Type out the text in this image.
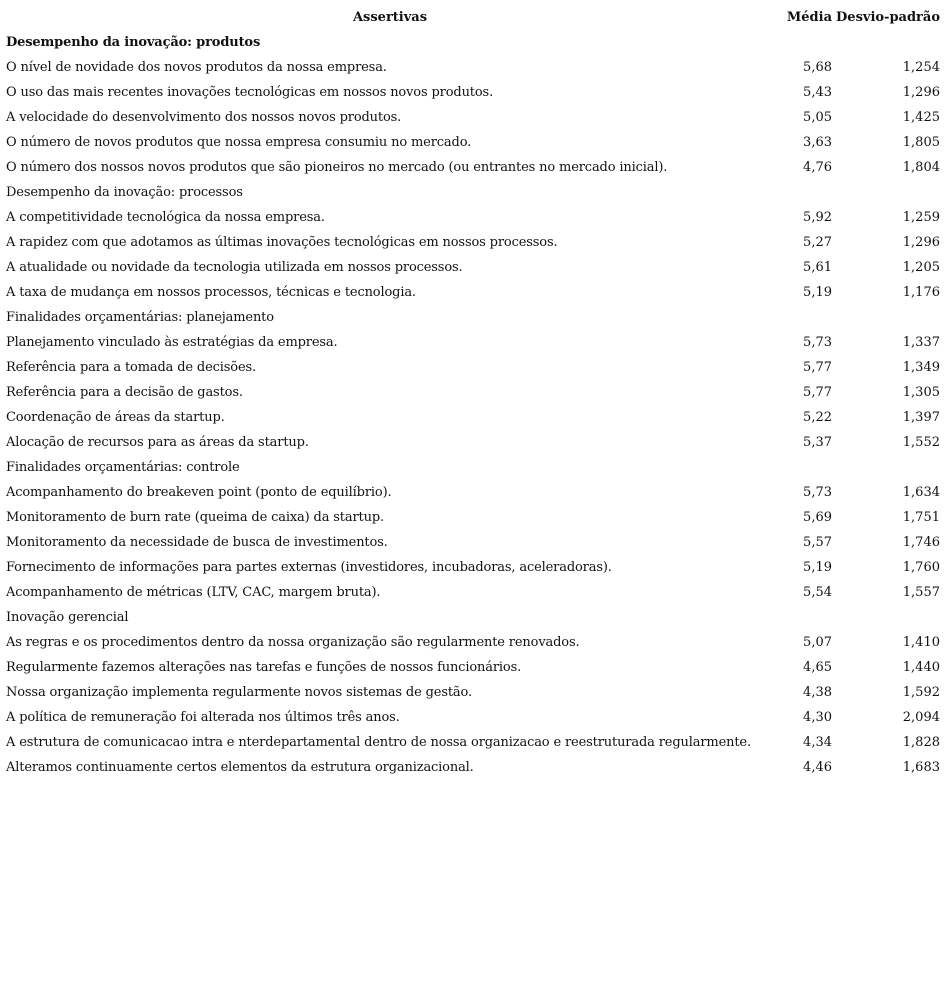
Assertivas	Média	Desvio-padrão
Desempenho da inovação: produtos		
O nível de novidade dos novos produtos da nossa empresa.	5,68	1,254
O uso das mais recentes inovações tecnológicas em nossos novos produtos.	5,43	1,296
A velocidade do desenvolvimento dos nossos novos produtos.	5,05	1,425
O número de novos produtos que nossa empresa consumiu no mercado.	3,63	1,805
O número dos nossos novos produtos que são pioneiros no mercado (ou entrantes no mercado inicial).	4,76	1,804
Desempenho da inovação: processos		
A competitividade tecnológica da nossa empresa.	5,92	1,259
A rapidez com que adotamos as últimas inovações tecnológicas em nossos processos.	5,27	1,296
A atualidade ou novidade da tecnologia utilizada em nossos processos.	5,61	1,205
A taxa de mudança em nossos processos, técnicas e tecnologia.	5,19	1,176
Finalidades orçamentárias: planejamento		
Planejamento vinculado às estratégias da empresa.	5,73	1,337
Referência para a tomada de decisões.	5,77	1,349
Referência para a decisão de gastos.	5,77	1,305
Coordenação de áreas da startup.	5,22	1,397
Alocação de recursos para as áreas da startup.	5,37	1,552
Finalidades orçamentárias: controle		
Acompanhamento do breakeven point (ponto de equilíbrio).	5,73	1,634
Monitoramento de burn rate (queima de caixa) da startup.	5,69	1,751
Monitoramento da necessidade de busca de investimentos.	5,57	1,746
Fornecimento de informações para partes externas (investidores, incubadoras, aceleradoras).	5,19	1,760
Acompanhamento de métricas (LTV, CAC, margem bruta).	5,54	1,557
Inovação gerencial		
As regras e os procedimentos dentro da nossa organização são regularmente renovados.	5,07	1,410
Regularmente fazemos alterações nas tarefas e funções de nossos funcionários.	4,65	1,440
Nossa organização implementa regularmente novos sistemas de gestão.	4,38	1,592
A política de remuneração foi alterada nos últimos três anos.	4,30	2,094
A estrutura de comunicacao intra e nterdepartamental dentro de nossa organizacao e reestruturada regularmente.	4,34	1,828
Alteramos continuamente certos elementos da estrutura organizacional.	4,46	1,683
